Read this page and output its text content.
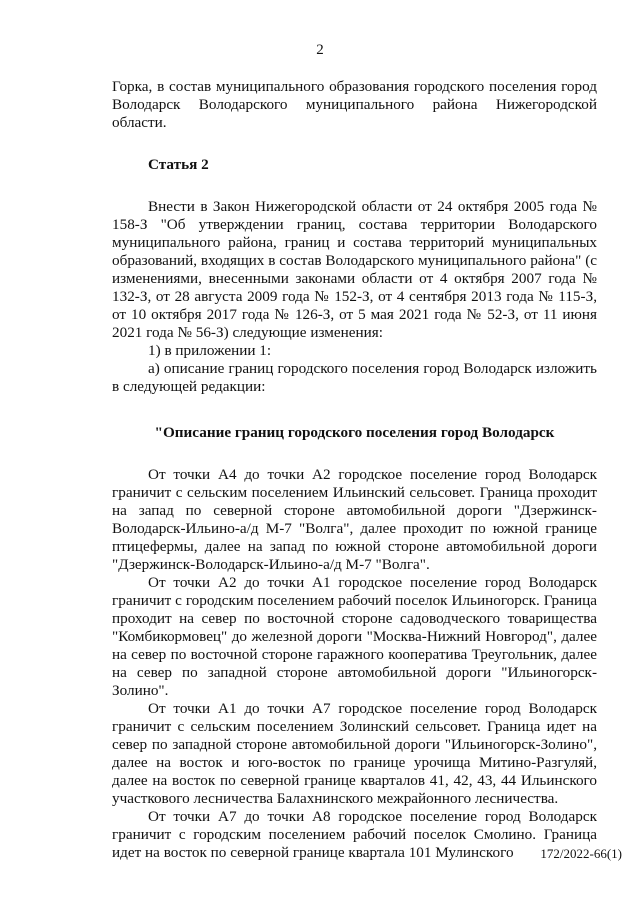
2

Горка, в состав муниципального образования городского поселения город Володарск Володарского муниципального района Нижегородской области.

Статья 2

Внести в Закон Нижегородской области от 24 октября 2005 года № 158-З "Об утверждении границ, состава территории Володарского муниципального района, границ и состава территорий муниципальных образований, входящих в состав Володарского муниципального района" (с изменениями, внесенными законами области от 4 октября 2007 года № 132-З, от 28 августа 2009 года № 152-З, от 4 сентября 2013 года № 115-З, от 10 октября 2017 года № 126-З, от 5 мая 2021 года № 52-З, от 11 июня 2021 года № 56-З) следующие изменения:

1) в приложении 1:

а) описание границ городского поселения город Володарск изложить в следующей редакции:

"Описание границ городского поселения город Володарск

От точки А4 до точки А2 городское поселение город Володарск граничит с сельским поселением Ильинский сельсовет. Граница проходит на запад по северной стороне автомобильной дороги "Дзержинск-Володарск-Ильино-а/д М-7 "Волга", далее проходит по южной границе птицефермы, далее на запад по южной стороне автомобильной дороги "Дзержинск-Володарск-Ильино-а/д М-7 "Волга".

От точки А2 до точки А1 городское поселение город Володарск граничит с городским поселением рабочий поселок Ильиногорск. Граница проходит на север по восточной стороне садоводческого товарищества "Комбикормовец" до железной дороги "Москва-Нижний Новгород", далее на север по восточной стороне гаражного кооператива Треугольник, далее на север по западной стороне автомобильной дороги "Ильиногорск-Золино".

От точки А1 до точки А7 городское поселение город Володарск граничит с сельским поселением Золинский сельсовет. Граница идет на север по западной стороне автомобильной дороги "Ильиногорск-Золино", далее на восток и юго-восток по границе урочища Митино-Разгуляй, далее на восток по северной границе кварталов 41, 42, 43, 44 Ильинского участкового лесничества Балахнинского межрайонного лесничества.

От точки А7 до точки А8 городское поселение город Володарск граничит с городским поселением рабочий поселок Смолино. Граница идет на восток по северной границе квартала 101 Мулинского	172/2022-66(1)
